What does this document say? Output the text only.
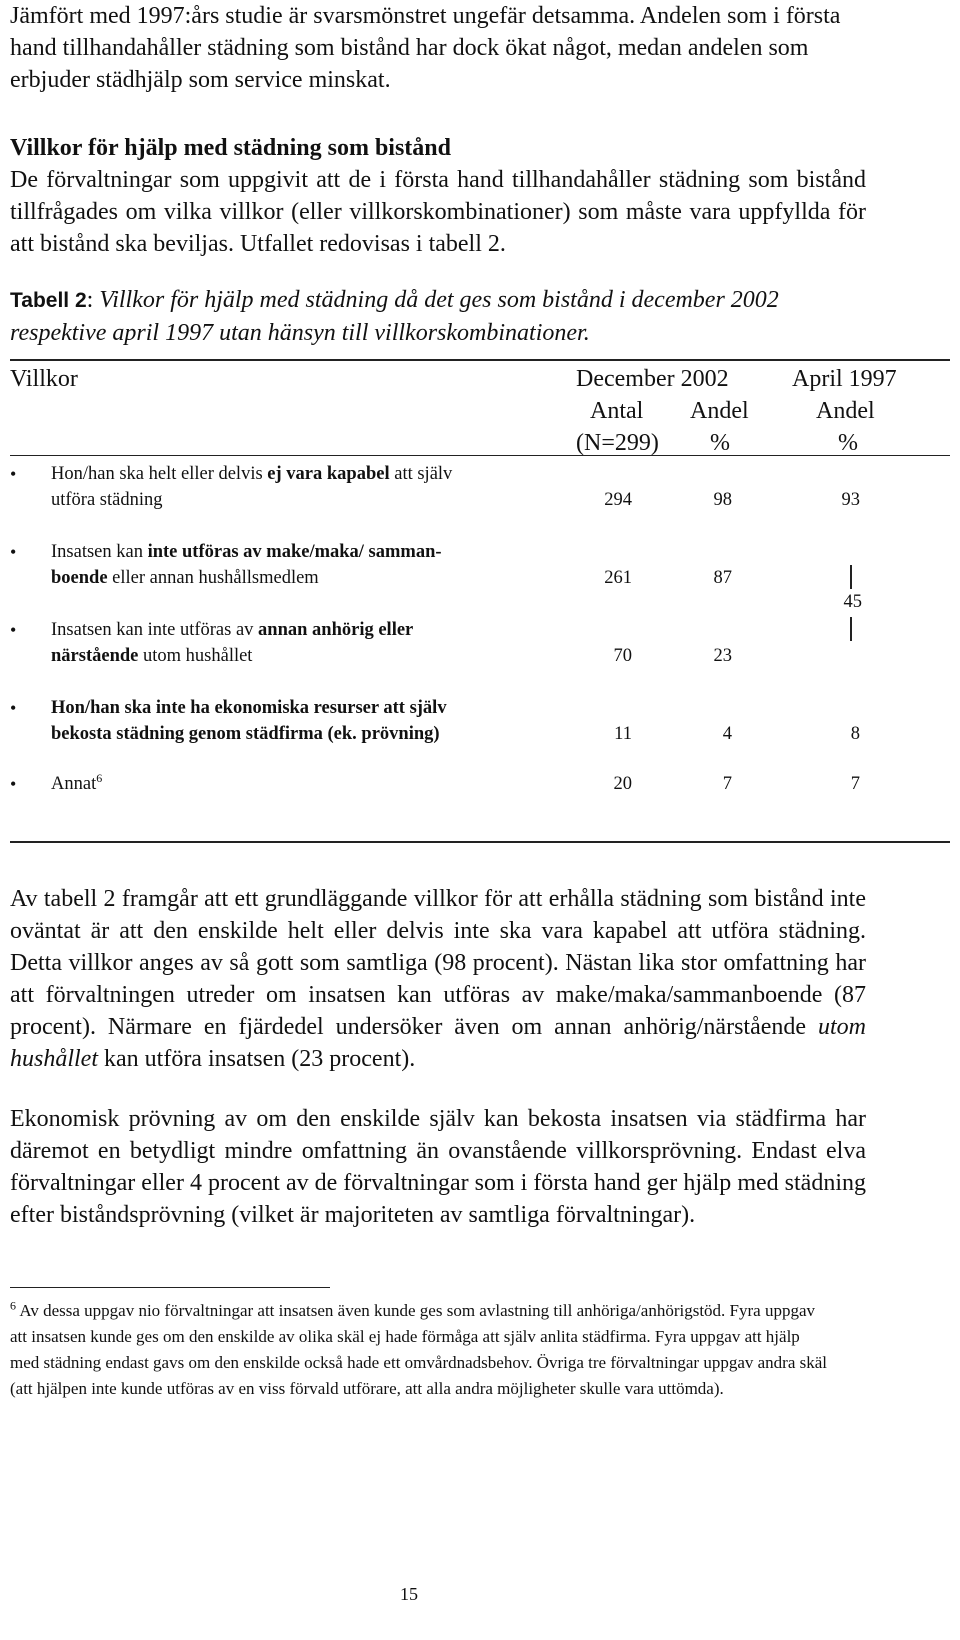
Jämfört med 1997:års studie är svarsmönstret ungefär detsamma. Andelen som i första hand tillhandahåller städning som bistånd har dock ökat något, medan andelen som erbjuder städhjälp som service minskat.

Villkor för hjälp med städning som bistånd

De förvaltningar som uppgivit att de i första hand tillhandahåller städning som bistånd tillfrågades om vilka villkor (eller villkorskombinationer) som måste vara uppfyllda för att bistånd ska beviljas. Utfallet redovisas i tabell 2.

Tabell 2: Villkor för hjälp med städning då det ges som bistånd i december 2002 respektive april 1997 utan hänsyn till villkorskombinationer.

Villkor	December 2002	April 1997
Antal Andel	Andel
(N=299) %	%
• Hon/han ska helt eller delvis ej vara kapabel att själv
utföra städning	294	98	93
• Insatsen kan inte utföras av make/maka/ samman-
boende eller annan hushållsmedlem	261	87
45
• Insatsen kan inte utföras av annan anhörig eller
närstående utom hushållet	70	23
• Hon/han ska inte ha ekonomiska resurser att själv
bekosta städning genom städfirma (ek. prövning)	11	4	8
• Annat$^6$	20	7	7

Av tabell 2 framgår att ett grundläggande villkor för att erhålla städning som bistånd inte oväntat är att den enskilde helt eller delvis inte ska vara kapabel att utföra städning. Detta villkor anges av så gott som samtliga (98 procent). Nästan lika stor omfattning har att förvaltningen utreder om insatsen kan utföras av make/maka/sammanboende (87 procent). Närmare en fjärdedel undersöker även om annan anhörig/närstående utom hushållet kan utföra insatsen (23 procent).

Ekonomisk prövning av om den enskilde själv kan bekosta insatsen via städfirma har däremot en betydligt mindre omfattning än ovanstående villkorsprövning. Endast elva förvaltningar eller 4 procent av de förvaltningar som i första hand ger hjälp med städning efter biståndsprövning (vilket är majoriteten av samtliga förvaltningar).

$^6$ Av dessa uppgav nio förvaltningar att insatsen även kunde ges som avlastning till anhöriga/anhörigstöd. Fyra uppgav att insatsen kunde ges om den enskilde av olika skäl ej hade förmåga att själv anlita städfirma. Fyra uppgav att hjälp med städning endast gavs om den enskilde också hade ett omvårdnadsbehov. Övriga tre förvaltningar uppgav andra skäl (att hjälpen inte kunde utföras av en viss förvald utförare, att alla andra möjligheter skulle vara uttömda).

15
